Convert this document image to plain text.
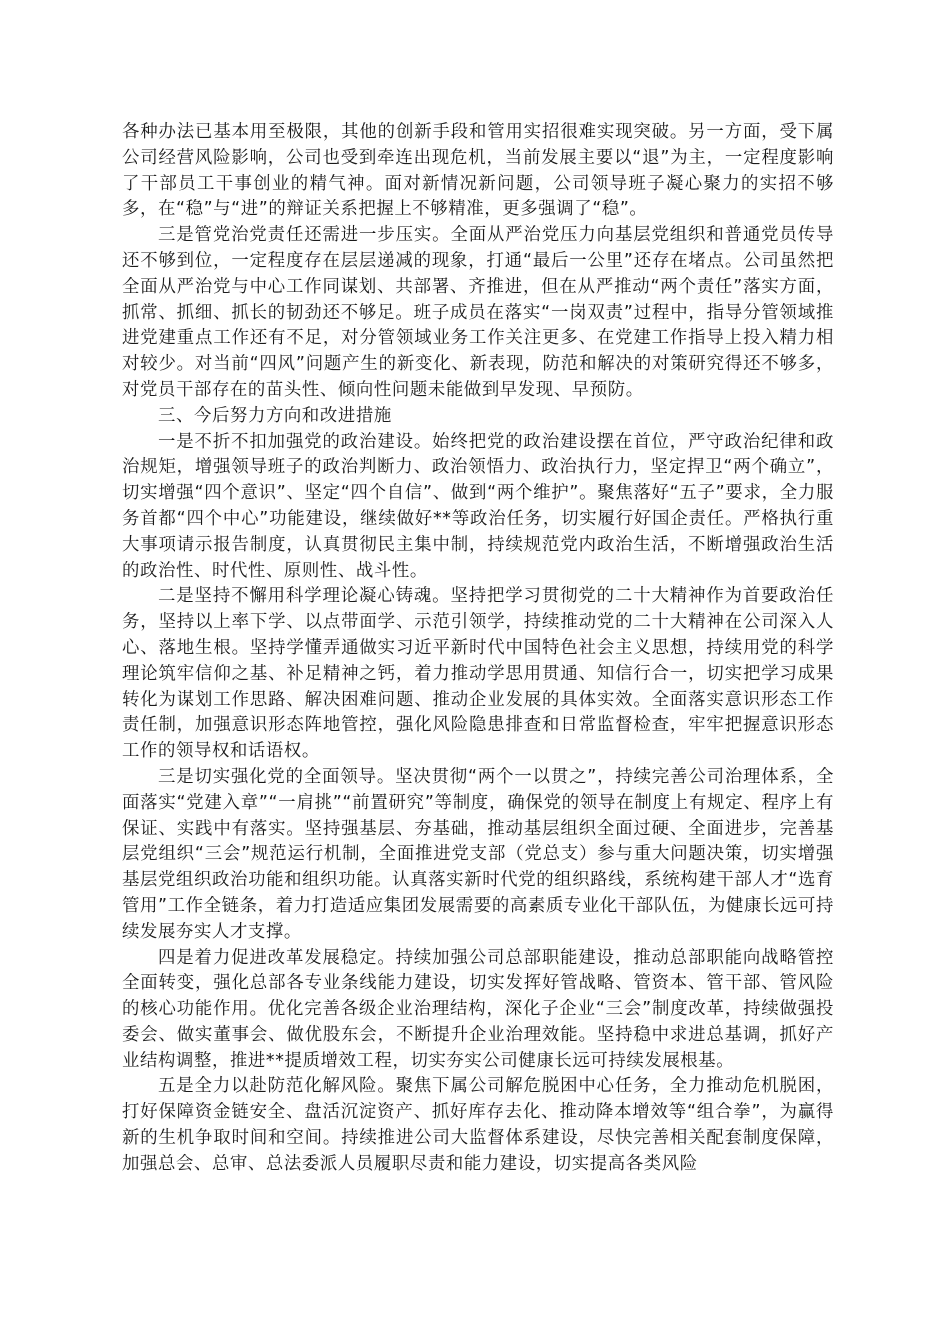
各种办法已基本用至极限，其他的创新手段和管用实招很难实现突破。另一方面，受下属公司经营风险影响，公司也受到牵连出现危机，当前发展主要以“退”为主，一定程度影响了干部员工干事创业的精气神。面对新情况新问题，公司领导班子凝心聚力的实招不够多，在“稳”与“进”的辩证关系把握上不够精准，更多强调了“稳”。

三是管党治党责任还需进一步压实。全面从严治党压力向基层党组织和普通党员传导还不够到位，一定程度存在层层递减的现象，打通“最后一公里”还存在堵点。公司虽然把全面从严治党与中心工作同谋划、共部署、齐推进，但在从严推动“两个责任”落实方面，抓常、抓细、抓长的韧劲还不够足。班子成员在落实“一岗双责”过程中，指导分管领域推进党建重点工作还有不足，对分管领域业务工作关注更多、在党建工作指导上投入精力相对较少。对当前“四风”问题产生的新变化、新表现，防范和解决的对策研究得还不够多，对党员干部存在的苗头性、倾向性问题未能做到早发现、早预防。

三、今后努力方向和改进措施

一是不折不扣加强党的政治建设。始终把党的政治建设摆在首位，严守政治纪律和政治规矩，增强领导班子的政治判断力、政治领悟力、政治执行力，坚定捍卫“两个确立”，切实增强“四个意识”、坚定“四个自信”、做到“两个维护”。聚焦落好“五子”要求，全力服务首都“四个中心”功能建设，继续做好**等政治任务，切实履行好国企责任。严格执行重大事项请示报告制度，认真贯彻民主集中制，持续规范党内政治生活，不断增强政治生活的政治性、时代性、原则性、战斗性。

二是坚持不懈用科学理论凝心铸魂。坚持把学习贯彻党的二十大精神作为首要政治任务，坚持以上率下学、以点带面学、示范引领学，持续推动党的二十大精神在公司深入人心、落地生根。坚持学懂弄通做实习近平新时代中国特色社会主义思想，持续用党的科学理论筑牢信仰之基、补足精神之钙，着力推动学思用贯通、知信行合一，切实把学习成果转化为谋划工作思路、解决困难问题、推动企业发展的具体实效。全面落实意识形态工作责任制，加强意识形态阵地管控，强化风险隐患排查和日常监督检查，牢牢把握意识形态工作的领导权和话语权。

三是切实强化党的全面领导。坚决贯彻“两个一以贯之”，持续完善公司治理体系，全面落实“党建入章”“一肩挑”“前置研究”等制度，确保党的领导在制度上有规定、程序上有保证、实践中有落实。坚持强基层、夯基础，推动基层组织全面过硬、全面进步，完善基层党组织“三会”规范运行机制，全面推进党支部（党总支）参与重大问题决策，切实增强基层党组织政治功能和组织功能。认真落实新时代党的组织路线，系统构建干部人才“选育管用”工作全链条，着力打造适应集团发展需要的高素质专业化干部队伍，为健康长远可持续发展夯实人才支撑。

四是着力促进改革发展稳定。持续加强公司总部职能建设，推动总部职能向战略管控全面转变，强化总部各专业条线能力建设，切实发挥好管战略、管资本、管干部、管风险的核心功能作用。优化完善各级企业治理结构，深化子企业“三会”制度改革，持续做强投委会、做实董事会、做优股东会，不断提升企业治理效能。坚持稳中求进总基调，抓好产业结构调整，推进**提质增效工程，切实夯实公司健康长远可持续发展根基。

五是全力以赴防范化解风险。聚焦下属公司解危脱困中心任务，全力推动危机脱困，打好保障资金链安全、盘活沉淀资产、抓好库存去化、推动降本增效等“组合拳”，为赢得新的生机争取时间和空间。持续推进公司大监督体系建设，尽快完善相关配套制度保障，加强总会、总审、总法委派人员履职尽责和能力建设，切实提高各类风险
